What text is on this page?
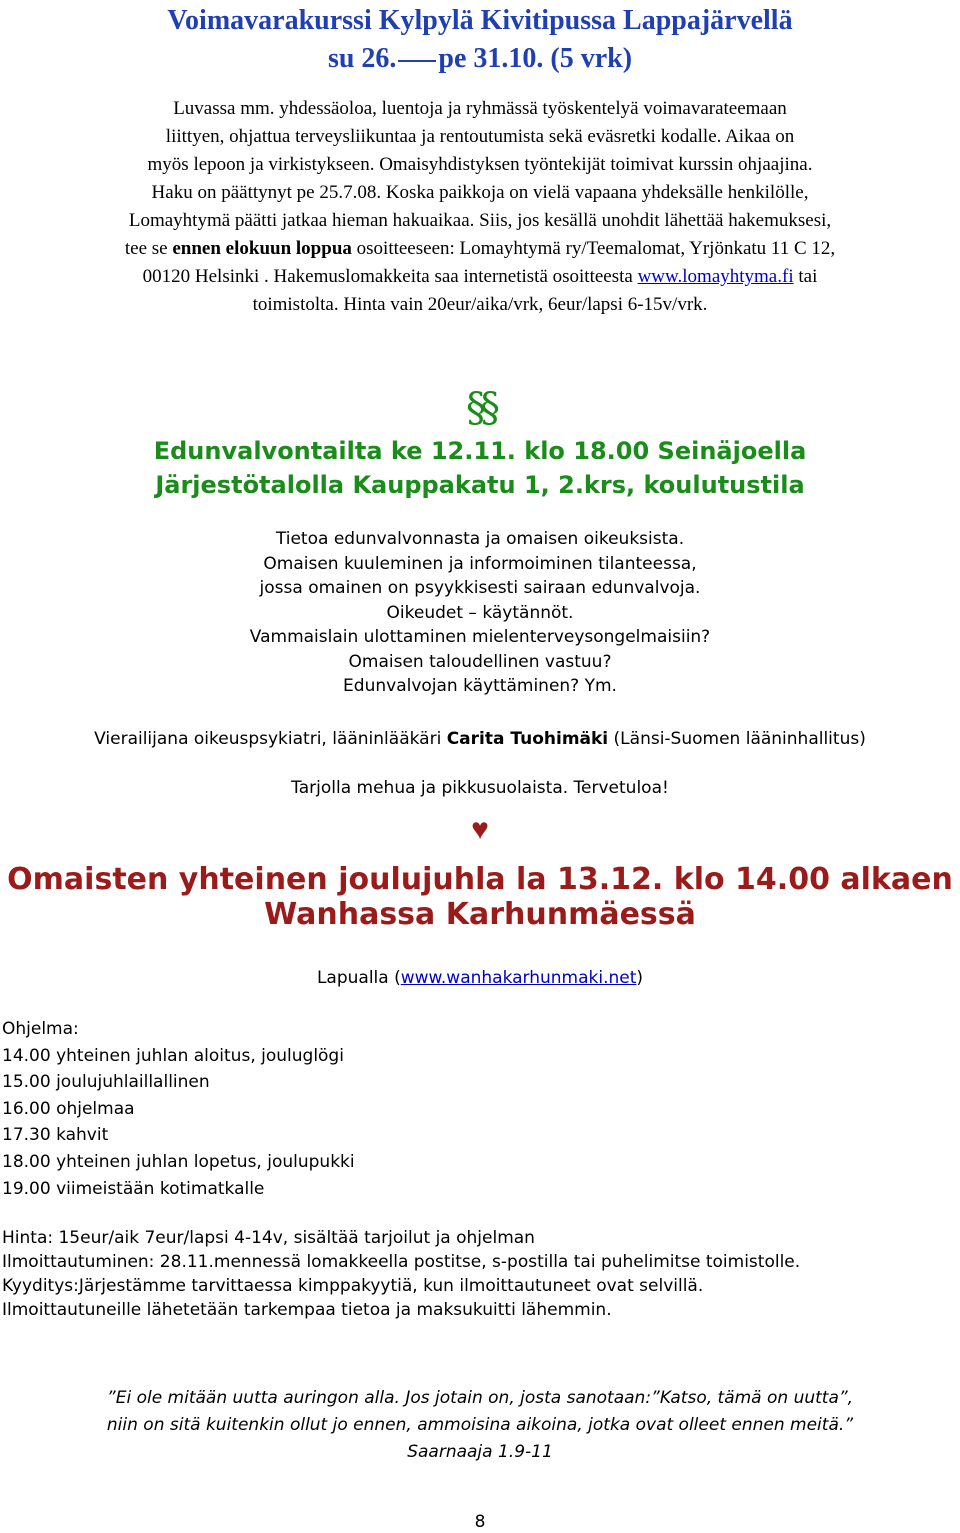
Voimavarakurssi Kylpylä Kivitipussa Lappajärvellä
su 26. pe 31.10. (5 vrk)
Luvassa mm. yhdessäoloa, luentoja ja ryhmässä työskentelyä voimavarateemaan
liittyen, ohjattua terveysliikuntaa ja rentoutumista sekä eväsretki kodalle. Aikaa on
myös lepoon ja virkistykseen. Omaisyhdistyksen työntekijät toimivat kurssin ohjaajina.
Haku on päättynyt pe 25.7.08. Koska paikkoja on vielä vapaana yhdeksälle henkilölle,
Lomayhtymä päätti jatkaa hieman hakuaikaa. Siis, jos kesällä unohdit lähettää hakemuksesi,
tee se ennen elokuun loppua osoitteeseen: Lomayhtymä ry/Teemalomat, Yrjönkatu 11 C 12,
00120 Helsinki . Hakemuslomakkeita saa internetistä osoitteesta www.lomayhtyma.fi tai
toimistolta. Hinta vain 20eur/aika/vrk, 6eur/lapsi 6-15v/vrk.
§§
Edunvalvontailta ke 12.11. klo 18.00 Seinäjoella
Järjestötalolla Kauppakatu 1, 2.krs, koulutustila
Tietoa edunvalvonnasta ja omaisen oikeuksista.
Omaisen kuuleminen ja informoiminen tilanteessa,
jossa omainen on psyykkisesti sairaan edunvalvoja.
Oikeudet – käytännöt.
Vammaislain ulottaminen mielenterveysongelmaisiin?
Omaisen taloudellinen vastuu?
Edunvalvojan käyttäminen? Ym.
Vierailijana oikeuspsykiatri, lääninlääkäri Carita Tuohimäki (Länsi-Suomen lääninhallitus)
Tarjolla mehua ja pikkusuolaista. Tervetuloa!
♥
Omaisten yhteinen joulujuhla la 13.12. klo 14.00 alkaen
Wanhassa Karhunmäessä
Lapualla (www.wanhakarhunmaki.net)
Ohjelma:
14.00 yhteinen juhlan aloitus, jouluglögi
15.00 joulujuhlaillallinen
16.00 ohjelmaa
17.30 kahvit
18.00 yhteinen juhlan lopetus, joulupukki
19.00 viimeistään kotimatkalle
Hinta: 15eur/aik 7eur/lapsi 4-14v, sisältää tarjoilut ja ohjelman
Ilmoittautuminen: 28.11.mennessä lomakkeella postitse, s-postilla tai puhelimitse toimistolle.
Kyyditys:Järjestämme tarvittaessa kimppakyytiä, kun ilmoittautuneet ovat selvillä.
Ilmoittautuneille lähetetään tarkempaa tietoa ja maksukuitti lähemmin.
”Ei ole mitään uutta auringon alla. Jos jotain on, josta sanotaan:”Katso, tämä on uutta”,
niin on sitä kuitenkin ollut jo ennen, ammoisina aikoina, jotka ovat olleet ennen meitä.”
Saarnaaja 1.9-11
8
